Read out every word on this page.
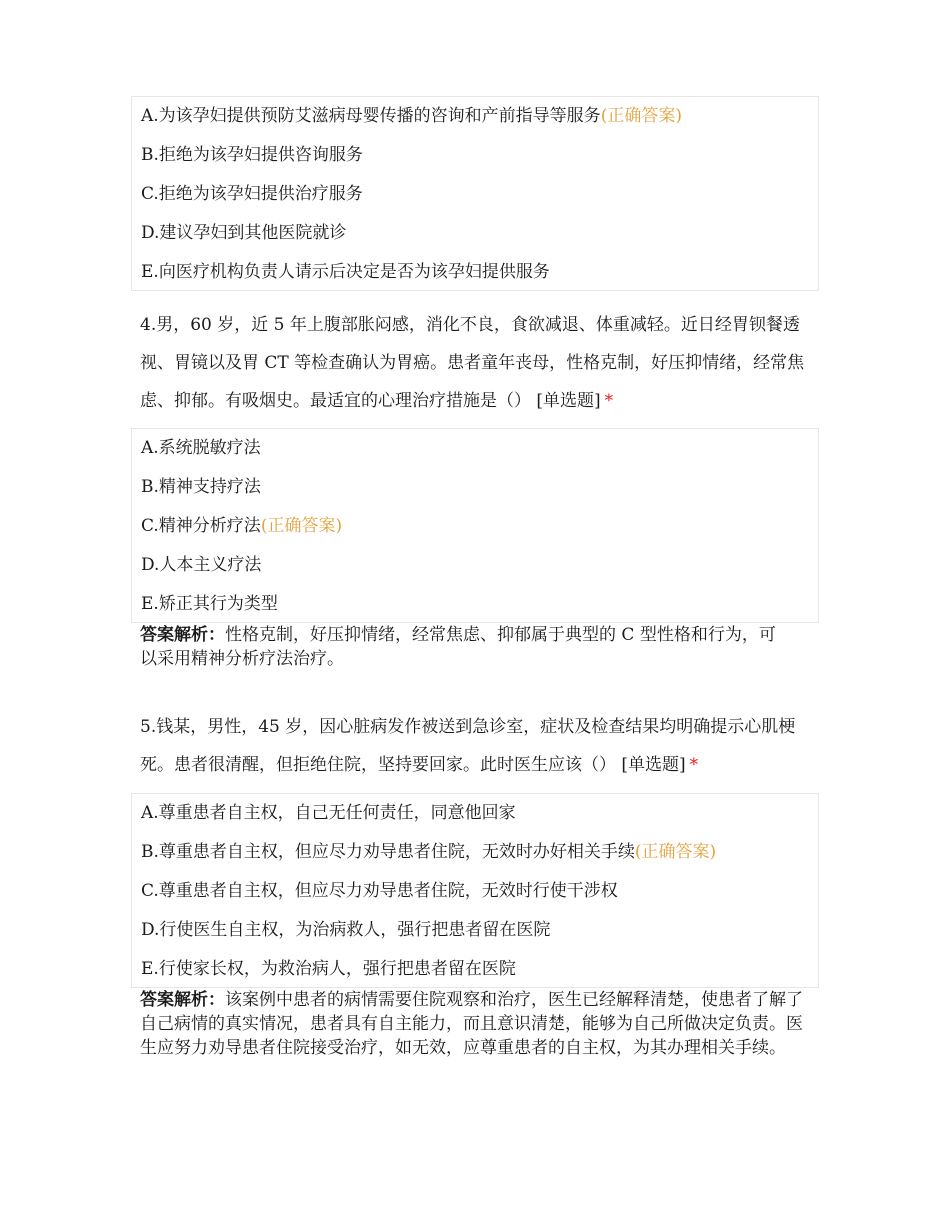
A.为该孕妇提供预防艾滋病母婴传播的咨询和产前指导等服务(正确答案)
B.拒绝为该孕妇提供咨询服务
C.拒绝为该孕妇提供治疗服务
D.建议孕妇到其他医院就诊
E.向医疗机构负责人请示后决定是否为该孕妇提供服务
4.男，60 岁，近 5 年上腹部胀闷感，消化不良，食欲减退、体重减轻。近日经胃钡餐透视、胃镜以及胃 CT 等检查确认为胃癌。患者童年丧母，性格克制，好压抑情绪，经常焦虑、抑郁。有吸烟史。最适宜的心理治疗措施是（） [单选题] *
A.系统脱敏疗法
B.精神支持疗法
C.精神分析疗法(正确答案)
D.人本主义疗法
E.矫正其行为类型
答案解析：性格克制，好压抑情绪，经常焦虑、抑郁属于典型的 C 型性格和行为，可以采用精神分析疗法治疗。
5.钱某，男性，45 岁，因心脏病发作被送到急诊室，症状及检查结果均明确提示心肌梗死。患者很清醒，但拒绝住院，坚持要回家。此时医生应该（） [单选题] *
A.尊重患者自主权，自己无任何责任，同意他回家
B.尊重患者自主权，但应尽力劝导患者住院，无效时办好相关手续(正确答案)
C.尊重患者自主权，但应尽力劝导患者住院，无效时行使干涉权
D.行使医生自主权，为治病救人，强行把患者留在医院
E.行使家长权，为救治病人，强行把患者留在医院
答案解析：该案例中患者的病情需要住院观察和治疗，医生已经解释清楚，使患者了解了自己病情的真实情况，患者具有自主能力，而且意识清楚，能够为自己所做决定负责。医生应努力劝导患者住院接受治疗，如无效，应尊重患者的自主权，为其办理相关手续。
